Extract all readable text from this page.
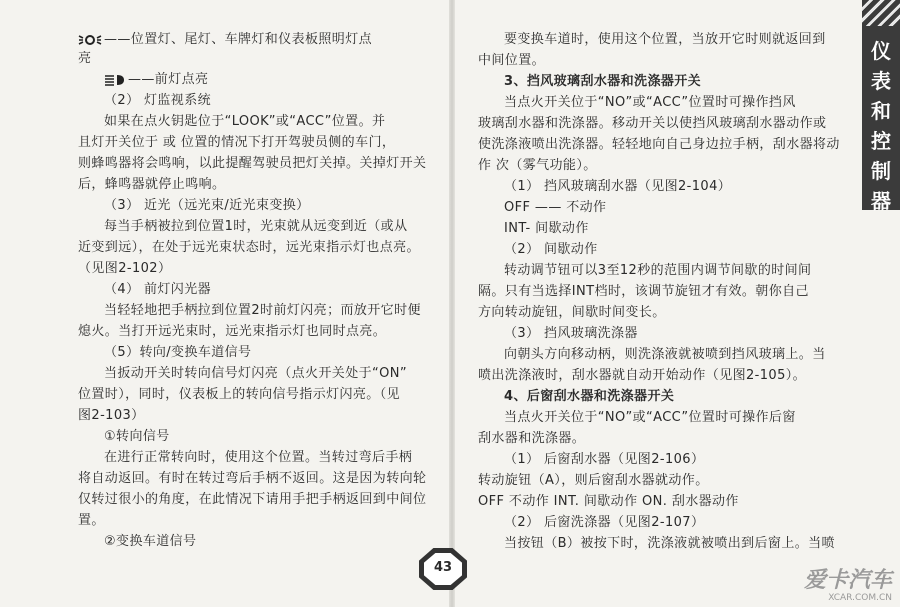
——位置灯、尾灯、车牌灯和仪表板照明灯点
亮
——前灯点亮
（2） 灯监视系统
如果在点火钥匙位于“LOOK”或“ACC”位置。并
且灯开关位于 或 位置的情况下打开驾驶员侧的车门，
则蜂鸣器将会鸣响，以此提醒驾驶员把灯关掉。关掉灯开关
后，蜂鸣器就停止鸣响。
（3） 近光（远光束/近光束变换）
每当手柄被拉到位置1时，光束就从远变到近（或从
近变到远），在处于远光束状态时，远光束指示灯也点亮。
（见图2-102）
（4） 前灯闪光器
当轻轻地把手柄拉到位置2时前灯闪亮；而放开它时便
熄火。当打开远光束时，远光束指示灯也同时点亮。
（5）转向/变换车道信号
当扳动开关时转向信号灯闪亮（点火开关处于“ON”
位置时），同时，仪表板上的转向信号指示灯闪亮。（见
图2-103）
①转向信号
在进行正常转向时，使用这个位置。当转过弯后手柄
将自动返回。有时在转过弯后手柄不返回。这是因为转向轮
仅转过很小的角度，在此情况下请用手把手柄返回到中间位
置。
②变换车道信号
要变换车道时，使用这个位置，当放开它时则就返回到
中间位置。
3、挡风玻璃刮水器和洗涤器开关
当点火开关位于“NO”或“ACC”位置时可操作挡风
玻璃刮水器和洗涤器。移动开关以使挡风玻璃刮水器动作或
使洗涤液喷出洗涤器。轻轻地向自己身边拉手柄，刮水器将动
作 次（雾气功能）。
（1） 挡风玻璃刮水器（见图2-104）
OFF —— 不动作
INT- 间歇动作
（2） 间歇动作
转动调节钮可以3至12秒的范围内调节间歇的时间间
隔。只有当选择INT档时，该调节旋钮才有效。朝你自己
方向转动旋钮，间歇时间变长。
（3） 挡风玻璃洗涤器
向朝头方向移动柄，则洗涤液就被喷到挡风玻璃上。当
喷出洗涤液时，刮水器就自动开始动作（见图2-105）。
4、后窗刮水器和洗涤器开关
当点火开关位于“NO”或“ACC”位置时可操作后窗
刮水器和洗涤器。
（1） 后窗刮水器（见图2-106）
转动旋钮（A），则后窗刮水器就动作。
OFF 不动作 INT. 间歇动作 ON. 刮水器动作
（2） 后窗洗涤器（见图2-107）
当按钮（B）被按下时，洗涤液就被喷出到后窗上。当喷
仪表和控制器
43
爱卡汽车
XCAR.COM.CN
